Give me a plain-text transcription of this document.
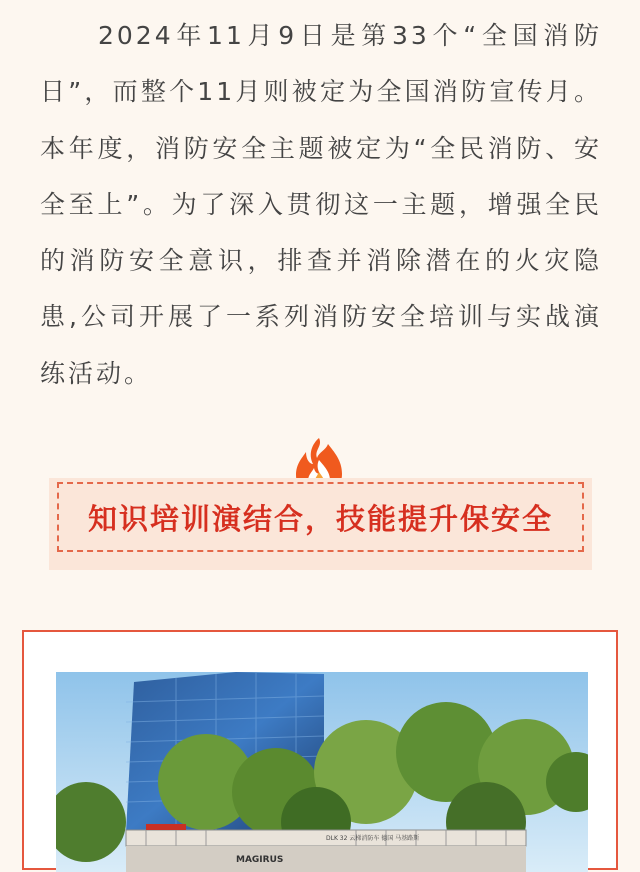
2024年11月9日是第33个“全国消防日”，而整个11月则被定为全国消防宣传月。本年度，消防安全主题被定为“全民消防、安全至上”。为了深入贯彻这一主题，增强全民的消防安全意识，排查并消除潜在的火灾隐患,公司开展了一系列消防安全培训与实战演练活动。

知识培训演结合，技能提升保安全
MAGIRUS
DLK 32 云梯消防车 德国 马基路斯
